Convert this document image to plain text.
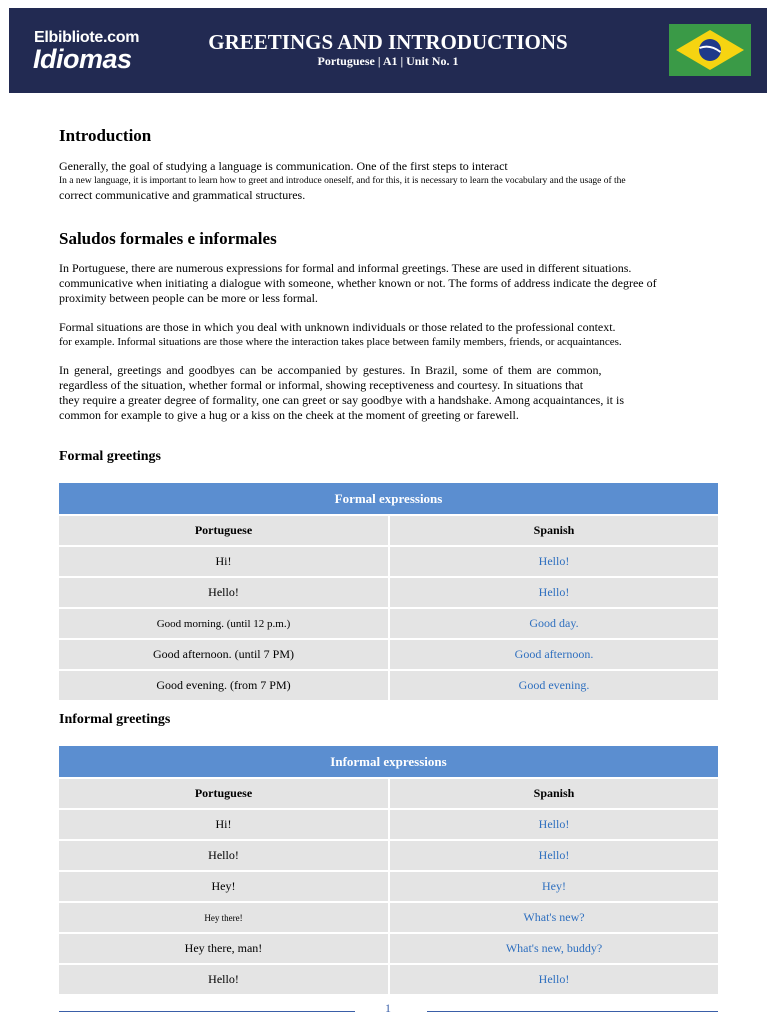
Elbibliote.com
Idiomas
GREETINGS AND INTRODUCTIONS
Portuguese | A1 | Unit No. 1
Introduction
Generally, the goal of studying a language is communication. One of the first steps to interact
In a new language, it is important to learn how to greet and introduce oneself, and for this, it is necessary to learn the vocabulary and the usage of the
correct communicative and grammatical structures.
Saludos formales e informales
In Portuguese, there are numerous expressions for formal and informal greetings. These are used in different situations.
communicative when initiating a dialogue with someone, whether known or not. The forms of address indicate the degree of
proximity between people can be more or less formal.
Formal situations are those in which you deal with unknown individuals or those related to the professional context.
for example. Informal situations are those where the interaction takes place between family members, friends, or acquaintances.
In general, greetings and goodbyes can be accompanied by gestures. In Brazil, some of them are common,
regardless of the situation, whether formal or informal, showing receptiveness and courtesy. In situations that
they require a greater degree of formality, one can greet or say goodbye with a handshake. Among acquaintances, it is
common for example to give a hug or a kiss on the cheek at the moment of greeting or farewell.
Formal greetings
Formal expressions	
Portuguese	Spanish
Hi!	Hello!
Hello!	Hello!
Good morning. (until 12 p.m.)	Good day.
Good afternoon. (until 7 PM)	Good afternoon.
Good evening. (from 7 PM)	Good evening.
Informal greetings
Informal expressions	
Portuguese	Spanish
Hi!	Hello!
Hello!	Hello!
Hey!	Hey!
Hey there!	What's new?
Hey there, man!	What's new, buddy?
Hello!	Hello!
1
